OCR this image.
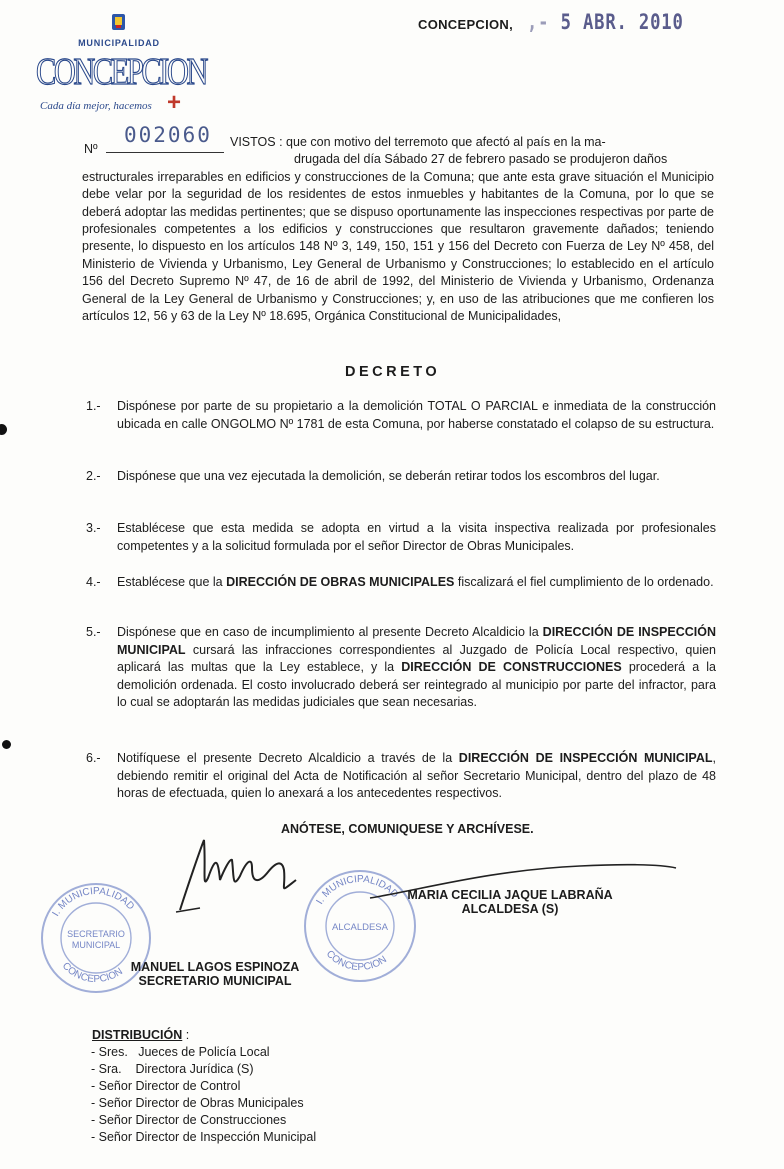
MUNICIPALIDAD
CONCEPCION
Cada día mejor, hacemos +
CONCEPCION, ,- 5 ABR. 2010
002060
Nº	VISTOS : que con motivo del terremoto que afectó al país en la ma-
drugada del día Sábado 27 de febrero pasado se produjeron daños
estructurales irreparables en edificios y construcciones de la Comuna; que ante esta grave situación el Municipio debe velar por la seguridad de los residentes de estos inmuebles y habitantes de la Comuna, por lo que se deberá adoptar las medidas pertinentes; que se dispuso oportunamente las inspecciones respectivas por parte de profesionales competentes a los edificios y construcciones que resultaron gravemente dañados; teniendo presente, lo dispuesto en los artículos 148 Nº 3, 149, 150, 151 y 156 del Decreto con Fuerza de Ley Nº 458, del Ministerio de Vivienda y Urbanismo, Ley General de Urbanismo y Construcciones; lo establecido en el artículo 156 del Decreto Supremo Nº 47, de 16 de abril de 1992, del Ministerio de Vivienda y Urbanismo, Ordenanza General de la Ley General de Urbanismo y Construcciones; y, en uso de las atribuciones que me confieren los artículos 12, 56 y 63 de la Ley Nº 18.695, Orgánica Constitucional de Municipalidades,
DECRETO
1.- Dispónese por parte de su propietario a la demolición TOTAL O PARCIAL e inmediata de la construcción ubicada en calle ONGOLMO Nº 1781 de esta Comuna, por haberse constatado el colapso de su estructura.
2.- Dispónese que una vez ejecutada la demolición, se deberán retirar todos los escombros del lugar.
3.- Establécese que esta medida se adopta en virtud a la visita inspectiva realizada por profesionales competentes y a la solicitud formulada por el señor Director de Obras Municipales.
4.- Establécese que la DIRECCIÓN DE OBRAS MUNICIPALES fiscalizará el fiel cumplimiento de lo ordenado.
5.- Dispónese que en caso de incumplimiento al presente Decreto Alcaldicio la DIRECCIÓN DE INSPECCIÓN MUNICIPAL cursará las infracciones correspondientes al Juzgado de Policía Local respectivo, quien aplicará las multas que la Ley establece, y la DIRECCIÓN DE CONSTRUCCIONES procederá a la demolición ordenada. El costo involucrado deberá ser reintegrado al municipio por parte del infractor, para lo cual se adoptarán las medidas judiciales que sean necesarias.
6.- Notifíquese el presente Decreto Alcaldicio a través de la DIRECCIÓN DE INSPECCIÓN MUNICIPAL, debiendo remitir el original del Acta de Notificación al señor Secretario Municipal, dentro del plazo de 48 horas de efectuada, quien lo anexará a los antecedentes respectivos.
ANÓTESE, COMUNIQUESE Y ARCHÍVESE.
I. MUNICIPALIDAD
CONCEPCION
SECRETARIO
MUNICIPAL
I. MUNICIPALIDAD
CONCEPCION
ALCALDESA
MARIA CECILIA JAQUE LABRAÑA
ALCALDESA (S)
MANUEL LAGOS ESPINOZA
SECRETARIO MUNICIPAL
DISTRIBUCIÓN :
- Sres.   Jueces de Policía Local
- Sra.    Directora Jurídica (S)
- Señor Director de Control
- Señor Director de Obras Municipales
- Señor Director de Construcciones
- Señor Director de Inspección Municipal
